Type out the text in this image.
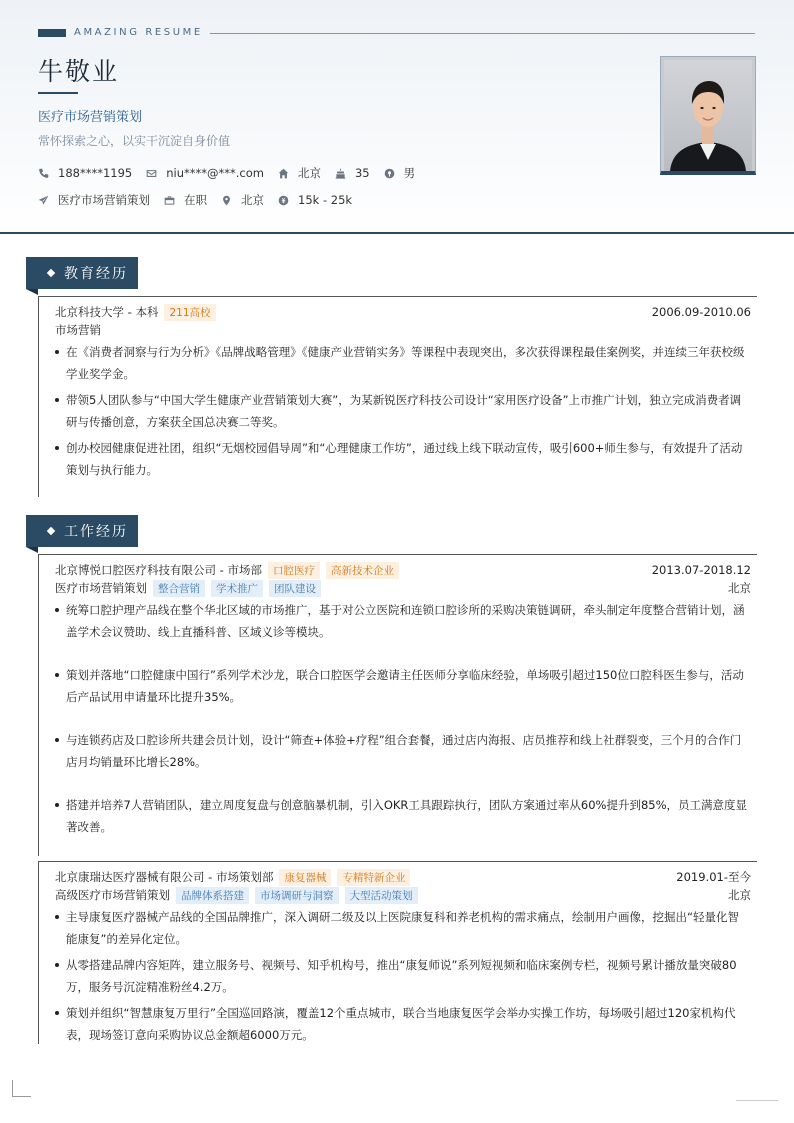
AMAZING RESUME
牛敬业
医疗市场营销策划
常怀探索之心，以实干沉淀自身价值
188****1195	niu****@***.com	北京	35	男
医疗市场营销策划	在职	北京	15k - 25k
教育经历
北京科技大学 - 本科	211高校	2006.09-2010.06
市场营销
在《消费者洞察与行为分析》《品牌战略管理》《健康产业营销实务》等课程中表现突出，多次获得课程最佳案例奖，并连续三年获校级学业奖学金。
带领5人团队参与“中国大学生健康产业营销策划大赛”，为某新锐医疗科技公司设计“家用医疗设备”上市推广计划，独立完成消费者调研与传播创意，方案获全国总决赛二等奖。
创办校园健康促进社团，组织“无烟校园倡导周”和“心理健康工作坊”，通过线上线下联动宣传，吸引600+师生参与，有效提升了活动策划与执行能力。
工作经历
北京博悦口腔医疗科技有限公司 - 市场部	口腔医疗	高新技术企业	2013.07-2018.12
医疗市场营销策划	整合营销	学术推广	团队建设	北京
统筹口腔护理产品线在整个华北区域的市场推广，基于对公立医院和连锁口腔诊所的采购决策链调研，牵头制定年度整合营销计划，涵盖学术会议赞助、线上直播科普、区域义诊等模块。
策划并落地“口腔健康中国行”系列学术沙龙，联合口腔医学会邀请主任医师分享临床经验，单场吸引超过150位口腔科医生参与，活动后产品试用申请量环比提升35%。
与连锁药店及口腔诊所共建会员计划，设计“筛查+体验+疗程”组合套餐，通过店内海报、店员推荐和线上社群裂变，三个月的合作门店月均销量环比增长28%。
搭建并培养7人营销团队，建立周度复盘与创意脑暴机制，引入OKR工具跟踪执行，团队方案通过率从60%提升到85%，员工满意度显著改善。
北京康瑞达医疗器械有限公司 - 市场策划部	康复器械	专精特新企业	2019.01-至今
高级医疗市场营销策划	品牌体系搭建	市场调研与洞察	大型活动策划	北京
主导康复医疗器械产品线的全国品牌推广，深入调研二级及以上医院康复科和养老机构的需求痛点，绘制用户画像，挖掘出“轻量化智能康复”的差异化定位。
从零搭建品牌内容矩阵，建立服务号、视频号、知乎机构号，推出“康复师说”系列短视频和临床案例专栏，视频号累计播放量突破80万，服务号沉淀精准粉丝4.2万。
策划并组织“智慧康复万里行”全国巡回路演，覆盖12个重点城市，联合当地康复医学会举办实操工作坊，每场吸引超过120家机构代表，现场签订意向采购协议总金额超6000万元。
